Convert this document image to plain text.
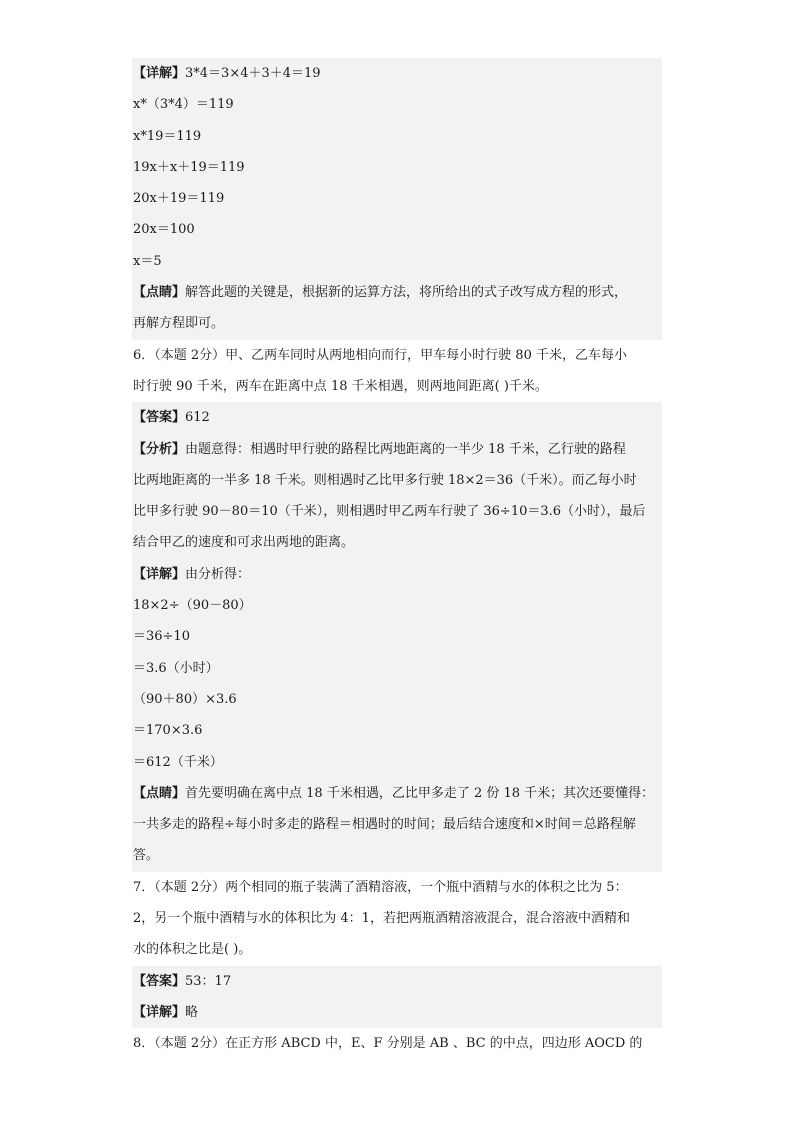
【详解】3*4＝3×4＋3＋4＝19
x*（3*4）＝119
x*19＝119
19x＋x＋19＝119
20x＋19＝119
20x＝100
x＝5
【点睛】解答此题的关键是，根据新的运算方法，将所给出的式子改写成方程的形式，
再解方程即可。
6．（本题 2分）甲、乙两车同时从两地相向而行，甲车每小时行驶 80 千米，乙车每小
时行驶 90 千米，两车在距离中点 18 千米相遇，则两地间距离( )千米。
【答案】612
【分析】由题意得：相遇时甲行驶的路程比两地距离的一半少 18 千米，乙行驶的路程
比两地距离的一半多 18 千米。则相遇时乙比甲多行驶 18×2＝36（千米）。而乙每小时
比甲多行驶 90－80＝10（千米），则相遇时甲乙两车行驶了 36÷10＝3.6（小时），最后
结合甲乙的速度和可求出两地的距离。
【详解】由分析得：
18×2÷（90－80）
＝36÷10
＝3.6（小时）
（90＋80）×3.6
＝170×3.6
＝612（千米）
【点睛】首先要明确在离中点 18 千米相遇，乙比甲多走了 2 份 18 千米；其次还要懂得：
一共多走的路程÷每小时多走的路程＝相遇时的时间；最后结合速度和×时间＝总路程解
答。
7．（本题 2分）两个相同的瓶子装满了酒精溶液，一个瓶中酒精与水的体积之比为 5：
2，另一个瓶中酒精与水的体积比为 4：1，若把两瓶酒精溶液混合，混合溶液中酒精和
水的体积之比是( )。
【答案】53：17
【详解】略
8．（本题 2分）在正方形 ABCD 中，E、F 分别是 AB 、BC 的中点，四边形 AOCD 的
